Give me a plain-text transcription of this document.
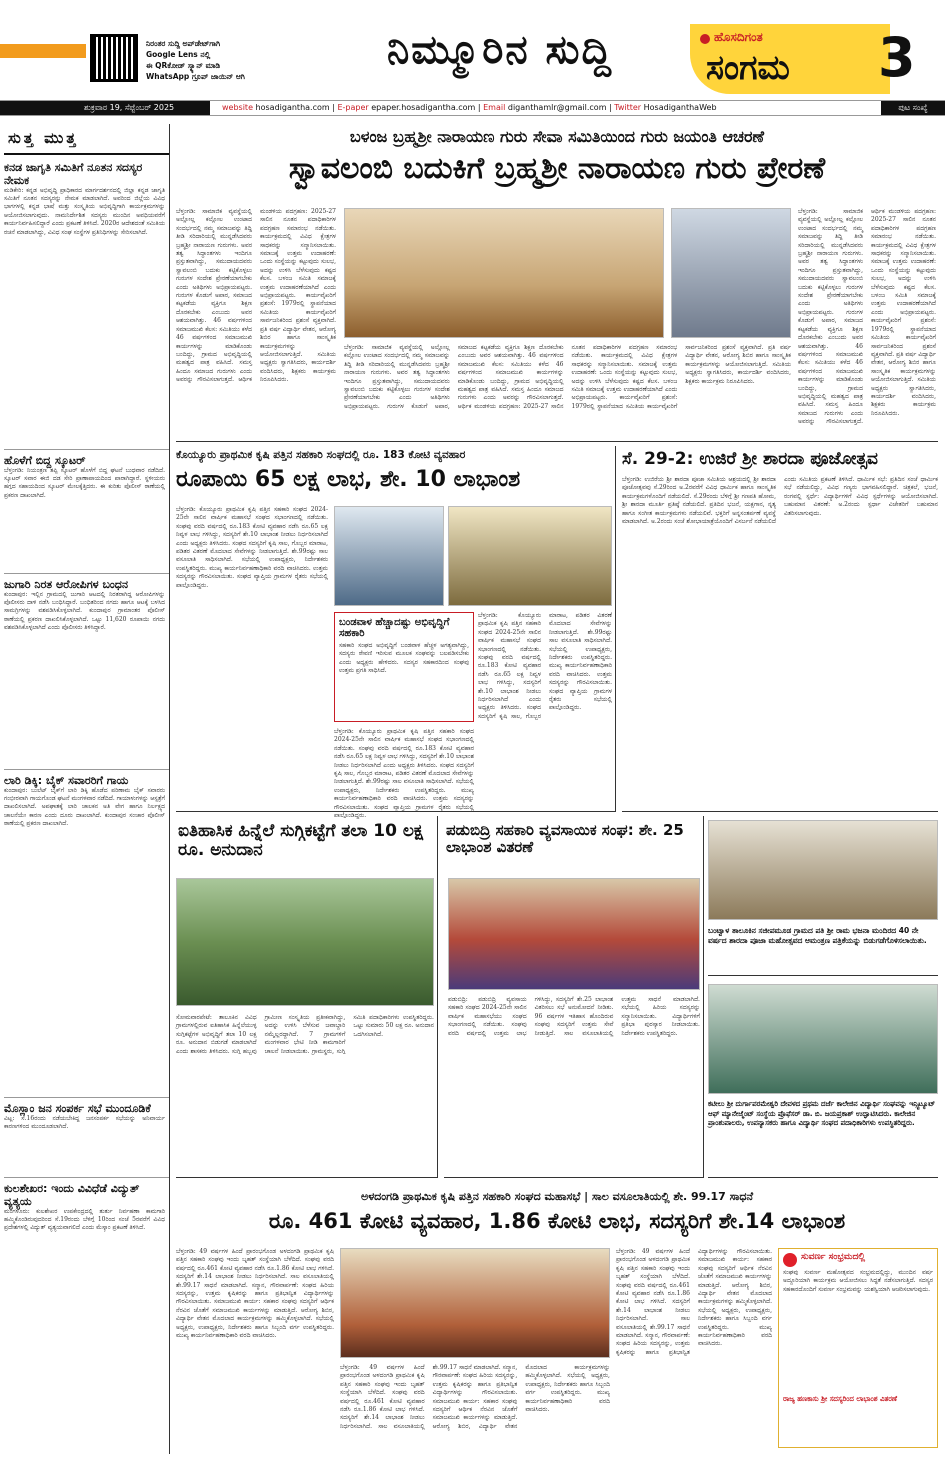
ನಿರಂತರ ಸುದ್ದಿ ಅಪ್‌ಡೇಟ್‌ಗಾಗಿ
Google Lens ನಲ್ಲಿ
ಈ QRಕೋಡ್ ಸ್ಕ್ಯಾನ್ ಮಾಡಿ
WhatsApp ಗ್ರೂಪ್ ಜಾಯಿನ್ ಆಗಿ
ನಿಮ್ಮೂರಿನ ಸುದ್ದಿ	ಹೊಸದಿಗಂತ
ಸಂಗಮ 3
ಶುಕ್ರವಾರ 19, ಸೆಪ್ಟೆಂಬರ್ 2025	website hosadigantha.com | E-paper epaper.hosadigantha.com | Email diganthamlr@gmail.com | Twitter HosadiganthaWeb	ಪುಟ ಸಂಖ್ಯೆ
ಸುತ್ತ ಮುತ್ತ
ಕನಡ ಜಾಗೃತಿ ಸಮಿತಿಗೆ ನೂತನ ಸದಸ್ಯರ ನೇಮಕ
ಮಡಿಕೇರಿ: ಕನ್ನಡ ಅಭಿವೃದ್ಧಿ ಪ್ರಾಧಿಕಾರದ ಮಾರ್ಗದರ್ಶನದಲ್ಲಿ ಜಿಲ್ಲಾ ಕನ್ನಡ ಜಾಗೃತಿ ಸಮಿತಿಗೆ ನೂತನ ಸದಸ್ಯರನ್ನು ನೇಮಕ ಮಾಡಲಾಗಿದೆ. ಅವರಿಂದ ಜಿಲ್ಲೆಯ ವಿವಿಧ ಭಾಗಗಳಲ್ಲಿ ಕನ್ನಡ ಭಾಷೆ ಮತ್ತು ಸಂಸ್ಕೃತಿಯ ಅಭಿವೃದ್ಧಿಗಾಗಿ ಕಾರ್ಯಕ್ರಮಗಳನ್ನು ಆಯೋಜಿಸಲಾಗುವುದು. ನಾಮನಿರ್ದೇಶಿತ ಸದಸ್ಯರು ಮುಂದಿನ ಅವಧಿಯವರೆಗೆ ಕಾರ್ಯನಿರ್ವಹಿಸಲಿದ್ದಾರೆ ಎಂದು ಪ್ರಕಟಣೆ ತಿಳಿಸಿದೆ. 2020ರ ಆದೇಶದಂತೆ ಸಮಿತಿಯ ರಚನೆ ಮಾಡಲಾಗಿದ್ದು, ವಿವಿಧ ಸಂಘ ಸಂಸ್ಥೆಗಳ ಪ್ರತಿನಿಧಿಗಳನ್ನು ಸೇರಿಸಲಾಗಿದೆ.
ಹೊಳೆಗೆ ಬಿದ್ದ ಸ್ಕೂಟರ್
ಬೆಳ್ತಂಗಡಿ: ನಿಯಂತ್ರಣ ತಪ್ಪಿ ಸ್ಕೂಟರ್ ಹೊಳೆಗೆ ಬಿದ್ದ ಘಟನೆ ಬುಧವಾರ ನಡೆದಿದೆ. ಸ್ಕೂಟರ್ ಸವಾರ ಈಜಿ ದಡ ಸೇರಿ ಪ್ರಾಣಾಪಾಯದಿಂದ ಪಾರಾಗಿದ್ದಾರೆ. ಸ್ಥಳೀಯರು ಹಗ್ಗದ ಸಹಾಯದಿಂದ ಸ್ಕೂಟರ್ ಮೇಲಕ್ಕೆತ್ತಿದರು. ಈ ಕುರಿತು ಪೊಲೀಸ್ ಠಾಣೆಯಲ್ಲಿ ಪ್ರಕರಣ ದಾಖಲಾಗಿದೆ.
ಜುಗಾರಿ ನಿರತ ಆರೋಪಿಗಳ ಬಂಧನ
ಕುಂದಾಪುರ: ಇಲ್ಲಿನ ಗ್ರಾಮದಲ್ಲಿ ಜುಗಾರಿ ಆಟದಲ್ಲಿ ನಿರತರಾಗಿದ್ದ ಆರೋಪಿಗಳನ್ನು ಪೊಲೀಸರು ದಾಳಿ ನಡೆಸಿ ಬಂಧಿಸಿದ್ದಾರೆ. ಬಂಧಿತರಿಂದ ನಗದು ಹಾಗೂ ಆಟಕ್ಕೆ ಬಳಸಿದ ಸಾಮಗ್ರಿಗಳನ್ನು ವಶಪಡಿಸಿಕೊಳ್ಳಲಾಗಿದೆ. ಕುಂದಾಪುರ ಗ್ರಾಮಾಂತರ ಪೊಲೀಸ್ ಠಾಣೆಯಲ್ಲಿ ಪ್ರಕರಣ ದಾಖಲಿಸಿಕೊಳ್ಳಲಾಗಿದೆ. ಒಟ್ಟು 11,620 ರೂಪಾಯಿ ನಗದು ವಶಪಡಿಸಿಕೊಳ್ಳಲಾಗಿದೆ ಎಂದು ಪೊಲೀಸರು ತಿಳಿಸಿದ್ದಾರೆ.
ಲಾರಿ ಡಿಕ್ಕಿ: ಬೈಕ್ ಸವಾರರಿಗೆ ಗಾಯ
ಕುಂದಾಪುರ: ಬುಲೆಟ್ ಬೈಕ್‌ಗೆ ಲಾರಿ ಡಿಕ್ಕಿ ಹೊಡೆದ ಪರಿಣಾಮ ಬೈಕ್ ಸವಾರರು ಗಂಭೀರವಾಗಿ ಗಾಯಗೊಂಡ ಘಟನೆ ಮಂಗಳವಾರ ನಡೆದಿದೆ. ಗಾಯಾಳುಗಳನ್ನು ಆಸ್ಪತ್ರೆಗೆ ದಾಖಲಿಸಲಾಗಿದೆ. ಅಪಘಾತಕ್ಕೆ ಲಾರಿ ಚಾಲಕನ ಅತಿ ವೇಗ ಹಾಗೂ ನಿರ್ಲಕ್ಷ್ಯದ ಚಾಲನೆಯೇ ಕಾರಣ ಎಂದು ದೂರು ದಾಖಲಾಗಿದೆ. ಕುಂದಾಪುರ ಸಂಚಾರ ಪೊಲೀಸ್ ಠಾಣೆಯಲ್ಲಿ ಪ್ರಕರಣ ದಾಖಲಾಗಿದೆ.
ಮೊಸ್ಲಾಂ ಜನ ಸಂಪರ್ಕ ಸಭೆ ಮುಂದೂಡಿಕೆ
ವಿಟ್ಲ: ಸೆ.16ರಂದು ನಡೆಯಬೇಕಿದ್ದ ಜನಸಂಪರ್ಕ ಸಭೆಯನ್ನು ಅನಿವಾರ್ಯ ಕಾರಣಗಳಿಂದ ಮುಂದೂಡಲಾಗಿದೆ.
ಕುಲಶೇಖರ: ಇಂದು ವಿವಿಧೆಡೆ ವಿದ್ಯುತ್ ವ್ಯತ್ಯಯ
ಮಂಗಳೂರು: ಕುಲಶೇಖರ ಉಪಕೇಂದ್ರದಲ್ಲಿ ತುರ್ತು ನಿರ್ವಹಣಾ ಕಾಮಗಾರಿ ಹಮ್ಮಿಕೊಂಡಿರುವುದರಿಂದ ಸೆ.19ರಂದು ಬೆಳಿಗ್ಗೆ 10ರಿಂದ ಸಂಜೆ 5ರವರೆಗೆ ವಿವಿಧ ಪ್ರದೇಶಗಳಲ್ಲಿ ವಿದ್ಯುತ್ ವ್ಯತ್ಯಯವಾಗಲಿದೆ ಎಂದು ಮೆಸ್ಕಾಂ ಪ್ರಕಟಣೆ ತಿಳಿಸಿದೆ.
ಬಳಂಜ ಬ್ರಹ್ಮಶ್ರೀ ನಾರಾಯಣ ಗುರು ಸೇವಾ ಸಮಿತಿಯಿಂದ ಗುರು ಜಯಂತಿ ಆಚರಣೆ
ಸ್ವಾವಲಂಬಿ ಬದುಕಿಗೆ ಬ್ರಹ್ಮಶ್ರೀ ನಾರಾಯಣ ಗುರು ಪ್ರೇರಣೆ
ಬೆಳ್ತಂಗಡಿ: ಸಾಮಾಜಿಕ ವ್ಯವಸ್ಥೆಯಲ್ಲಿ ಅಲ್ಲೋಲ್ಲ ಕಲ್ಲೋಲ ಉಂಟಾದ ಸಂದರ್ಭದಲ್ಲಿ ನಮ್ಮ ಸಮಾಜವನ್ನು ತಿದ್ದಿ ತೀಡಿ ಸರಿದಾರಿಯಲ್ಲಿ ಮುನ್ನಡೆಸಿದವರು ಬ್ರಹ್ಮಶ್ರೀ ನಾರಾಯಣ ಗುರುಗಳು. ಅವರ ತತ್ವ ಸಿದ್ಧಾಂತಗಳು ಇಂದಿಗೂ ಪ್ರಸ್ತುತವಾಗಿದ್ದು, ಸಮುದಾಯದವರು ಸ್ವಾವಲಂಬಿ ಬದುಕು ಕಟ್ಟಿಕೊಳ್ಳಲು ಗುರುಗಳ ಸಂದೇಶ ಪ್ರೇರಣೆಯಾಗಬೇಕು ಎಂದು ಅತಿಥಿಗಳು ಅಭಿಪ್ರಾಯಪಟ್ಟರು. ಗುರುಗಳ ಕೊಡುಗೆ ಅಪಾರ, ಸಮಾಜದ ಕಟ್ಟಕಡೆಯ ವ್ಯಕ್ತಿಗೂ ಶಿಕ್ಷಣ ದೊರಕಬೇಕು ಎಂಬುದು ಅವರ ಆಶಯವಾಗಿತ್ತು. 46 ವರ್ಷಗಳಿಂದ ಸಮಾಜಮುಖಿ ಕೆಲಸ: ಸಮಿತಿಯು ಕಳೆದ 46 ವರ್ಷಗಳಿಂದ ಸಮಾಜಮುಖಿ ಕಾರ್ಯಗಳನ್ನು ಮಾಡಿಕೊಂಡು ಬಂದಿದ್ದು, ಗ್ರಾಮದ ಅಭಿವೃದ್ಧಿಯಲ್ಲಿ ಮಹತ್ವದ ಪಾತ್ರ ವಹಿಸಿದೆ. ಸಮಸ್ತ ಹಿಂದೂ ಸಮಾಜದ ಗುರುಗಳು ಎಂದು ಅವರನ್ನು ಗೌರವಿಸಲಾಗುತ್ತದೆ. ಆರ್ಥಿಕ ಮಂಡಳಿಯ ಪದಗ್ರಹಣ: 2025-27 ಸಾಲಿನ ನೂತನ ಪದಾಧಿಕಾರಿಗಳ ಪದಗ್ರಹಣ ಸಮಾರಂಭ ನಡೆಯಿತು. ಕಾರ್ಯಕ್ರಮದಲ್ಲಿ ವಿವಿಧ ಕ್ಷೇತ್ರಗಳ ಸಾಧಕರನ್ನು ಸನ್ಮಾನಿಸಲಾಯಿತು. ಸಮಾಜಕ್ಕೆ ಉತ್ತಮ ಉದಾಹರಣೆ: ಒಂದು ಸಂಸ್ಥೆಯನ್ನು ಕಟ್ಟುವುದು ಸುಲಭ, ಅದನ್ನು ಉಳಿಸಿ ಬೆಳೆಸುವುದು ಕಷ್ಟದ ಕೆಲಸ. ಬಳಂಜ ಸಮಿತಿ ಸಮಾಜಕ್ಕೆ ಉತ್ತಮ ಉದಾಹರಣೆಯಾಗಿದೆ ಎಂದು ಅಭಿಪ್ರಾಯಪಟ್ಟರು. ಕಾರ್ಯವೈಖರಿಗೆ ಪ್ರಶಂಸೆ: 1979ರಲ್ಲಿ ಸ್ಥಾಪನೆಯಾದ ಸಮಿತಿಯ ಕಾರ್ಯವೈಖರಿಗೆ ಸಾರ್ವಜನಿಕರಿಂದ ಪ್ರಶಂಸೆ ವ್ಯಕ್ತವಾಗಿದೆ. ಪ್ರತಿ ವರ್ಷ ವಿದ್ಯಾರ್ಥಿ ವೇತನ, ಆರೋಗ್ಯ ಶಿಬಿರ ಹಾಗೂ ಸಾಂಸ್ಕೃತಿಕ ಕಾರ್ಯಕ್ರಮಗಳನ್ನು ಆಯೋಜಿಸಲಾಗುತ್ತಿದೆ. ಸಮಿತಿಯ ಅಧ್ಯಕ್ಷರು ಸ್ವಾಗತಿಸಿದರು, ಕಾರ್ಯದರ್ಶಿ ವಂದಿಸಿದರು, ಶಿಕ್ಷಕರು ಕಾರ್ಯಕ್ರಮ ನಿರೂಪಿಸಿದರು.
ಬೆಳ್ತಂಗಡಿ: ಸಾಮಾಜಿಕ ವ್ಯವಸ್ಥೆಯಲ್ಲಿ ಅಲ್ಲೋಲ್ಲ ಕಲ್ಲೋಲ ಉಂಟಾದ ಸಂದರ್ಭದಲ್ಲಿ ನಮ್ಮ ಸಮಾಜವನ್ನು ತಿದ್ದಿ ತೀಡಿ ಸರಿದಾರಿಯಲ್ಲಿ ಮುನ್ನಡೆಸಿದವರು ಬ್ರಹ್ಮಶ್ರೀ ನಾರಾಯಣ ಗುರುಗಳು. ಅವರ ತತ್ವ ಸಿದ್ಧಾಂತಗಳು ಇಂದಿಗೂ ಪ್ರಸ್ತುತವಾಗಿದ್ದು, ಸಮುದಾಯದವರು ಸ್ವಾವಲಂಬಿ ಬದುಕು ಕಟ್ಟಿಕೊಳ್ಳಲು ಗುರುಗಳ ಸಂದೇಶ ಪ್ರೇರಣೆಯಾಗಬೇಕು ಎಂದು ಅತಿಥಿಗಳು ಅಭಿಪ್ರಾಯಪಟ್ಟರು. ಗುರುಗಳ ಕೊಡುಗೆ ಅಪಾರ, ಸಮಾಜದ ಕಟ್ಟಕಡೆಯ ವ್ಯಕ್ತಿಗೂ ಶಿಕ್ಷಣ ದೊರಕಬೇಕು ಎಂಬುದು ಅವರ ಆಶಯವಾಗಿತ್ತು. 46 ವರ್ಷಗಳಿಂದ ಸಮಾಜಮುಖಿ ಕೆಲಸ: ಸಮಿತಿಯು ಕಳೆದ 46 ವರ್ಷಗಳಿಂದ ಸಮಾಜಮುಖಿ ಕಾರ್ಯಗಳನ್ನು ಮಾಡಿಕೊಂಡು ಬಂದಿದ್ದು, ಗ್ರಾಮದ ಅಭಿವೃದ್ಧಿಯಲ್ಲಿ ಮಹತ್ವದ ಪಾತ್ರ ವಹಿಸಿದೆ. ಸಮಸ್ತ ಹಿಂದೂ ಸಮಾಜದ ಗುರುಗಳು ಎಂದು ಅವರನ್ನು ಗೌರವಿಸಲಾಗುತ್ತದೆ. ಆರ್ಥಿಕ ಮಂಡಳಿಯ ಪದಗ್ರಹಣ: 2025-27 ಸಾಲಿನ ನೂತನ ಪದಾಧಿಕಾರಿಗಳ ಪದಗ್ರಹಣ ಸಮಾರಂಭ ನಡೆಯಿತು. ಕಾರ್ಯಕ್ರಮದಲ್ಲಿ ವಿವಿಧ ಕ್ಷೇತ್ರಗಳ ಸಾಧಕರನ್ನು ಸನ್ಮಾನಿಸಲಾಯಿತು. ಸಮಾಜಕ್ಕೆ ಉತ್ತಮ ಉದಾಹರಣೆ: ಒಂದು ಸಂಸ್ಥೆಯನ್ನು ಕಟ್ಟುವುದು ಸುಲಭ, ಅದನ್ನು ಉಳಿಸಿ ಬೆಳೆಸುವುದು ಕಷ್ಟದ ಕೆಲಸ. ಬಳಂಜ ಸಮಿತಿ ಸಮಾಜಕ್ಕೆ ಉತ್ತಮ ಉದಾಹರಣೆಯಾಗಿದೆ ಎಂದು ಅಭಿಪ್ರಾಯಪಟ್ಟರು. ಕಾರ್ಯವೈಖರಿಗೆ ಪ್ರಶಂಸೆ: 1979ರಲ್ಲಿ ಸ್ಥಾಪನೆಯಾದ ಸಮಿತಿಯ ಕಾರ್ಯವೈಖರಿಗೆ ಸಾರ್ವಜನಿಕರಿಂದ ಪ್ರಶಂಸೆ ವ್ಯಕ್ತವಾಗಿದೆ. ಪ್ರತಿ ವರ್ಷ ವಿದ್ಯಾರ್ಥಿ ವೇತನ, ಆರೋಗ್ಯ ಶಿಬಿರ ಹಾಗೂ ಸಾಂಸ್ಕೃತಿಕ ಕಾರ್ಯಕ್ರಮಗಳನ್ನು ಆಯೋಜಿಸಲಾಗುತ್ತಿದೆ. ಸಮಿತಿಯ ಅಧ್ಯಕ್ಷರು ಸ್ವಾಗತಿಸಿದರು, ಕಾರ್ಯದರ್ಶಿ ವಂದಿಸಿದರು, ಶಿಕ್ಷಕರು ಕಾರ್ಯಕ್ರಮ ನಿರೂಪಿಸಿದರು.
ಬೆಳ್ತಂಗಡಿ: ಸಾಮಾಜಿಕ ವ್ಯವಸ್ಥೆಯಲ್ಲಿ ಅಲ್ಲೋಲ್ಲ ಕಲ್ಲೋಲ ಉಂಟಾದ ಸಂದರ್ಭದಲ್ಲಿ ನಮ್ಮ ಸಮಾಜವನ್ನು ತಿದ್ದಿ ತೀಡಿ ಸರಿದಾರಿಯಲ್ಲಿ ಮುನ್ನಡೆಸಿದವರು ಬ್ರಹ್ಮಶ್ರೀ ನಾರಾಯಣ ಗುರುಗಳು. ಅವರ ತತ್ವ ಸಿದ್ಧಾಂತಗಳು ಇಂದಿಗೂ ಪ್ರಸ್ತುತವಾಗಿದ್ದು, ಸಮುದಾಯದವರು ಸ್ವಾವಲಂಬಿ ಬದುಕು ಕಟ್ಟಿಕೊಳ್ಳಲು ಗುರುಗಳ ಸಂದೇಶ ಪ್ರೇರಣೆಯಾಗಬೇಕು ಎಂದು ಅತಿಥಿಗಳು ಅಭಿಪ್ರಾಯಪಟ್ಟರು. ಗುರುಗಳ ಕೊಡುಗೆ ಅಪಾರ, ಸಮಾಜದ ಕಟ್ಟಕಡೆಯ ವ್ಯಕ್ತಿಗೂ ಶಿಕ್ಷಣ ದೊರಕಬೇಕು ಎಂಬುದು ಅವರ ಆಶಯವಾಗಿತ್ತು. 46 ವರ್ಷಗಳಿಂದ ಸಮಾಜಮುಖಿ ಕೆಲಸ: ಸಮಿತಿಯು ಕಳೆದ 46 ವರ್ಷಗಳಿಂದ ಸಮಾಜಮುಖಿ ಕಾರ್ಯಗಳನ್ನು ಮಾಡಿಕೊಂಡು ಬಂದಿದ್ದು, ಗ್ರಾಮದ ಅಭಿವೃದ್ಧಿಯಲ್ಲಿ ಮಹತ್ವದ ಪಾತ್ರ ವಹಿಸಿದೆ. ಸಮಸ್ತ ಹಿಂದೂ ಸಮಾಜದ ಗುರುಗಳು ಎಂದು ಅವರನ್ನು ಗೌರವಿಸಲಾಗುತ್ತದೆ. ಆರ್ಥಿಕ ಮಂಡಳಿಯ ಪದಗ್ರಹಣ: 2025-27 ಸಾಲಿನ ನೂತನ ಪದಾಧಿಕಾರಿಗಳ ಪದಗ್ರಹಣ ಸಮಾರಂಭ ನಡೆಯಿತು. ಕಾರ್ಯಕ್ರಮದಲ್ಲಿ ವಿವಿಧ ಕ್ಷೇತ್ರಗಳ ಸಾಧಕರನ್ನು ಸನ್ಮಾನಿಸಲಾಯಿತು. ಸಮಾಜಕ್ಕೆ ಉತ್ತಮ ಉದಾಹರಣೆ: ಒಂದು ಸಂಸ್ಥೆಯನ್ನು ಕಟ್ಟುವುದು ಸುಲಭ, ಅದನ್ನು ಉಳಿಸಿ ಬೆಳೆಸುವುದು ಕಷ್ಟದ ಕೆಲಸ. ಬಳಂಜ ಸಮಿತಿ ಸಮಾಜಕ್ಕೆ ಉತ್ತಮ ಉದಾಹರಣೆಯಾಗಿದೆ ಎಂದು ಅಭಿಪ್ರಾಯಪಟ್ಟರು. ಕಾರ್ಯವೈಖರಿಗೆ ಪ್ರಶಂಸೆ: 1979ರಲ್ಲಿ ಸ್ಥಾಪನೆಯಾದ ಸಮಿತಿಯ ಕಾರ್ಯವೈಖರಿಗೆ ಸಾರ್ವಜನಿಕರಿಂದ ಪ್ರಶಂಸೆ ವ್ಯಕ್ತವಾಗಿದೆ. ಪ್ರತಿ ವರ್ಷ ವಿದ್ಯಾರ್ಥಿ ವೇತನ, ಆರೋಗ್ಯ ಶಿಬಿರ ಹಾಗೂ ಸಾಂಸ್ಕೃತಿಕ ಕಾರ್ಯಕ್ರಮಗಳನ್ನು ಆಯೋಜಿಸಲಾಗುತ್ತಿದೆ. ಸಮಿತಿಯ ಅಧ್ಯಕ್ಷರು ಸ್ವಾಗತಿಸಿದರು, ಕಾರ್ಯದರ್ಶಿ ವಂದಿಸಿದರು, ಶಿಕ್ಷಕರು ಕಾರ್ಯಕ್ರಮ ನಿರೂಪಿಸಿದರು.
ಕೊಯ್ಯೂರು ಪ್ರಾಥಮಿಕ ಕೃಷಿ ಪತ್ತಿನ ಸಹಕಾರಿ ಸಂಘದಲ್ಲಿ ರೂ. 183 ಕೋಟಿ ವ್ಯವಹಾರ
ರೂಪಾಯಿ 65 ಲಕ್ಷ ಲಾಭ, ಶೇ. 10 ಲಾಭಾಂಶ
ಬೆಳ್ತಂಗಡಿ: ಕೊಯ್ಯೂರು ಪ್ರಾಥಮಿಕ ಕೃಷಿ ಪತ್ತಿನ ಸಹಕಾರಿ ಸಂಘದ 2024-25ನೇ ಸಾಲಿನ ವಾರ್ಷಿಕ ಮಹಾಸಭೆ ಸಂಘದ ಸಭಾಂಗಣದಲ್ಲಿ ನಡೆಯಿತು. ಸಂಘವು ವರದಿ ವರ್ಷದಲ್ಲಿ ರೂ.183 ಕೋಟಿ ವ್ಯವಹಾರ ನಡೆಸಿ ರೂ.65 ಲಕ್ಷ ನಿವ್ವಳ ಲಾಭ ಗಳಿಸಿದ್ದು, ಸದಸ್ಯರಿಗೆ ಶೇ.10 ಲಾಭಾಂಶ ನೀಡಲು ನಿರ್ಧರಿಸಲಾಗಿದೆ ಎಂದು ಅಧ್ಯಕ್ಷರು ತಿಳಿಸಿದರು. ಸಂಘದ ಸದಸ್ಯರಿಗೆ ಕೃಷಿ ಸಾಲ, ಗೊಬ್ಬರ ಮಾರಾಟ, ಪಡಿತರ ವಿತರಣೆ ಮೊದಲಾದ ಸೇವೆಗಳನ್ನು ನೀಡಲಾಗುತ್ತಿದೆ. ಶೇ.99ರಷ್ಟು ಸಾಲ ವಸೂಲಾತಿ ಸಾಧಿಸಲಾಗಿದೆ. ಸಭೆಯಲ್ಲಿ ಉಪಾಧ್ಯಕ್ಷರು, ನಿರ್ದೇಶಕರು ಉಪಸ್ಥಿತರಿದ್ದರು. ಮುಖ್ಯ ಕಾರ್ಯನಿರ್ವಹಣಾಧಿಕಾರಿ ವರದಿ ವಾಚಿಸಿದರು. ಉತ್ತಮ ಸದಸ್ಯರನ್ನು ಗೌರವಿಸಲಾಯಿತು. ಸಂಘದ ವ್ಯಾಪ್ತಿಯ ಗ್ರಾಮಗಳ ರೈತರು ಸಭೆಯಲ್ಲಿ ಪಾಲ್ಗೊಂಡಿದ್ದರು.
ಬಂಡವಾಳ ಹೆಚ್ಚಾದಷ್ಟು ಅಭಿವೃದ್ಧಿಗೆ ಸಹಕಾರಿ
ಸಹಕಾರಿ ಸಂಘದ ಅಭಿವೃದ್ಧಿಗೆ ಬಂಡವಾಳ ಹೆಚ್ಚಳ ಅಗತ್ಯವಾಗಿದ್ದು, ಸದಸ್ಯರು ಠೇವಣಿ ಇರಿಸುವ ಮೂಲಕ ಸಂಘವನ್ನು ಬಲಪಡಿಸಬೇಕು ಎಂದು ಅಧ್ಯಕ್ಷರು ಹೇಳಿದರು. ಸದಸ್ಯರ ಸಹಕಾರದಿಂದ ಸಂಘವು ಉತ್ತಮ ಪ್ರಗತಿ ಸಾಧಿಸಿದೆ.
ಬೆಳ್ತಂಗಡಿ: ಕೊಯ್ಯೂರು ಪ್ರಾಥಮಿಕ ಕೃಷಿ ಪತ್ತಿನ ಸಹಕಾರಿ ಸಂಘದ 2024-25ನೇ ಸಾಲಿನ ವಾರ್ಷಿಕ ಮಹಾಸಭೆ ಸಂಘದ ಸಭಾಂಗಣದಲ್ಲಿ ನಡೆಯಿತು. ಸಂಘವು ವರದಿ ವರ್ಷದಲ್ಲಿ ರೂ.183 ಕೋಟಿ ವ್ಯವಹಾರ ನಡೆಸಿ ರೂ.65 ಲಕ್ಷ ನಿವ್ವಳ ಲಾಭ ಗಳಿಸಿದ್ದು, ಸದಸ್ಯರಿಗೆ ಶೇ.10 ಲಾಭಾಂಶ ನೀಡಲು ನಿರ್ಧರಿಸಲಾಗಿದೆ ಎಂದು ಅಧ್ಯಕ್ಷರು ತಿಳಿಸಿದರು. ಸಂಘದ ಸದಸ್ಯರಿಗೆ ಕೃಷಿ ಸಾಲ, ಗೊಬ್ಬರ ಮಾರಾಟ, ಪಡಿತರ ವಿತರಣೆ ಮೊದಲಾದ ಸೇವೆಗಳನ್ನು ನೀಡಲಾಗುತ್ತಿದೆ. ಶೇ.99ರಷ್ಟು ಸಾಲ ವಸೂಲಾತಿ ಸಾಧಿಸಲಾಗಿದೆ. ಸಭೆಯಲ್ಲಿ ಉಪಾಧ್ಯಕ್ಷರು, ನಿರ್ದೇಶಕರು ಉಪಸ್ಥಿತರಿದ್ದರು. ಮುಖ್ಯ ಕಾರ್ಯನಿರ್ವಹಣಾಧಿಕಾರಿ ವರದಿ ವಾಚಿಸಿದರು. ಉತ್ತಮ ಸದಸ್ಯರನ್ನು ಗೌರವಿಸಲಾಯಿತು. ಸಂಘದ ವ್ಯಾಪ್ತಿಯ ಗ್ರಾಮಗಳ ರೈತರು ಸಭೆಯಲ್ಲಿ ಪಾಲ್ಗೊಂಡಿದ್ದರು.
ಬೆಳ್ತಂಗಡಿ: ಕೊಯ್ಯೂರು ಪ್ರಾಥಮಿಕ ಕೃಷಿ ಪತ್ತಿನ ಸಹಕಾರಿ ಸಂಘದ 2024-25ನೇ ಸಾಲಿನ ವಾರ್ಷಿಕ ಮಹಾಸಭೆ ಸಂಘದ ಸಭಾಂಗಣದಲ್ಲಿ ನಡೆಯಿತು. ಸಂಘವು ವರದಿ ವರ್ಷದಲ್ಲಿ ರೂ.183 ಕೋಟಿ ವ್ಯವಹಾರ ನಡೆಸಿ ರೂ.65 ಲಕ್ಷ ನಿವ್ವಳ ಲಾಭ ಗಳಿಸಿದ್ದು, ಸದಸ್ಯರಿಗೆ ಶೇ.10 ಲಾಭಾಂಶ ನೀಡಲು ನಿರ್ಧರಿಸಲಾಗಿದೆ ಎಂದು ಅಧ್ಯಕ್ಷರು ತಿಳಿಸಿದರು. ಸಂಘದ ಸದಸ್ಯರಿಗೆ ಕೃಷಿ ಸಾಲ, ಗೊಬ್ಬರ ಮಾರಾಟ, ಪಡಿತರ ವಿತರಣೆ ಮೊದಲಾದ ಸೇವೆಗಳನ್ನು ನೀಡಲಾಗುತ್ತಿದೆ. ಶೇ.99ರಷ್ಟು ಸಾಲ ವಸೂಲಾತಿ ಸಾಧಿಸಲಾಗಿದೆ. ಸಭೆಯಲ್ಲಿ ಉಪಾಧ್ಯಕ್ಷರು, ನಿರ್ದೇಶಕರು ಉಪಸ್ಥಿತರಿದ್ದರು. ಮುಖ್ಯ ಕಾರ್ಯನಿರ್ವಹಣಾಧಿಕಾರಿ ವರದಿ ವಾಚಿಸಿದರು. ಉತ್ತಮ ಸದಸ್ಯರನ್ನು ಗೌರವಿಸಲಾಯಿತು. ಸಂಘದ ವ್ಯಾಪ್ತಿಯ ಗ್ರಾಮಗಳ ರೈತರು ಸಭೆಯಲ್ಲಿ ಪಾಲ್ಗೊಂಡಿದ್ದರು.
ಸೆ. 29-2: ಉಜಿರೆ ಶ್ರೀ ಶಾರದಾ ಪೂಜೋತ್ಸವ
ಬೆಳ್ತಂಗಡಿ: ಉಜಿರೆಯ ಶ್ರೀ ಶಾರದಾ ಪೂಜಾ ಸಮಿತಿಯ ಆಶ್ರಯದಲ್ಲಿ ಶ್ರೀ ಶಾರದಾ ಪೂಜೋತ್ಸವವು ಸೆ.29ರಿಂದ ಅ.2ರವರೆಗೆ ವಿವಿಧ ಧಾರ್ಮಿಕ ಹಾಗೂ ಸಾಂಸ್ಕೃತಿಕ ಕಾರ್ಯಕ್ರಮಗಳೊಂದಿಗೆ ನಡೆಯಲಿದೆ. ಸೆ.29ರಂದು ಬೆಳಿಗ್ಗೆ ಶ್ರೀ ಗಣಪತಿ ಹೋಮ, ಶ್ರೀ ಶಾರದಾ ಮೂರ್ತಿ ಪ್ರತಿಷ್ಠೆ ನಡೆಯಲಿದೆ. ಪ್ರತಿದಿನ ಭಜನೆ, ಯಕ್ಷಗಾನ, ನೃತ್ಯ ಹಾಗೂ ಸಂಗೀತ ಕಾರ್ಯಕ್ರಮಗಳು ನಡೆಯಲಿವೆ. ಭಕ್ತರಿಗೆ ಅನ್ನಸಂತರ್ಪಣೆ ವ್ಯವಸ್ಥೆ ಮಾಡಲಾಗಿದೆ. ಅ.2ರಂದು ಸಂಜೆ ಶೋಭಾಯಾತ್ರೆಯೊಂದಿಗೆ ವಿಸರ್ಜನೆ ನಡೆಯಲಿದೆ ಎಂದು ಸಮಿತಿಯ ಪ್ರಕಟಣೆ ತಿಳಿಸಿದೆ. ಧಾರ್ಮಿಕ ಸಭೆ: ಪ್ರತಿದಿನ ಸಂಜೆ ಧಾರ್ಮಿಕ ಸಭೆ ನಡೆಯಲಿದ್ದು, ವಿವಿಧ ಗಣ್ಯರು ಭಾಗವಹಿಸಲಿದ್ದಾರೆ. ಚಿತ್ರಕಲೆ, ಭಜನೆ, ರಂಗವಲ್ಲಿ ಸ್ಪರ್ಧೆ: ವಿದ್ಯಾರ್ಥಿಗಳಿಗೆ ವಿವಿಧ ಸ್ಪರ್ಧೆಗಳನ್ನು ಆಯೋಜಿಸಲಾಗಿದೆ. ಬಹುಮಾನ ವಿತರಣೆ: ಅ.2ರಂದು ಸ್ಪರ್ಧಾ ವಿಜೇತರಿಗೆ ಬಹುಮಾನ ವಿತರಿಸಲಾಗುವುದು.
ಐತಿಹಾಸಿಕ ಹಿನ್ನೆಲೆ ಸುಗ್ಗಿಕಟ್ಟೆಗೆ ತಲಾ 10 ಲಕ್ಷ ರೂ. ಅನುದಾನ
ಸೋಮವಾರಪೇಟೆ: ತಾಲೂಕಿನ ವಿವಿಧ ಗ್ರಾಮಗಳಲ್ಲಿರುವ ಐತಿಹಾಸಿಕ ಹಿನ್ನೆಲೆಯುಳ್ಳ ಸುಗ್ಗಿಕಟ್ಟೆಗಳ ಅಭಿವೃದ್ಧಿಗೆ ತಲಾ 10 ಲಕ್ಷ ರೂ. ಅನುದಾನ ಬಿಡುಗಡೆ ಮಾಡಲಾಗಿದೆ ಎಂದು ಶಾಸಕರು ತಿಳಿಸಿದರು. ಸುಗ್ಗಿ ಹಬ್ಬವು ಗ್ರಾಮೀಣ ಸಂಸ್ಕೃತಿಯ ಪ್ರತೀಕವಾಗಿದ್ದು, ಅದನ್ನು ಉಳಿಸಿ ಬೆಳೆಸುವ ಜವಾಬ್ದಾರಿ ನಮ್ಮೆಲ್ಲರದ್ದಾಗಿದೆ. 7 ಗ್ರಾಮಗಳಿಗೆ ಮಂಗಳವಾರ ಭೇಟಿ ನೀಡಿ ಕಾಮಗಾರಿಗೆ ಚಾಲನೆ ನೀಡಲಾಯಿತು. ಗ್ರಾಮಸ್ಥರು, ಸುಗ್ಗಿ ಸಮಿತಿ ಪದಾಧಿಕಾರಿಗಳು ಉಪಸ್ಥಿತರಿದ್ದರು. ಒಟ್ಟು ಸುಮಾರು 50 ಲಕ್ಷ ರೂ. ಅನುದಾನ ಒದಗಿಸಲಾಗಿದೆ.
ಪಡುಬಿದ್ರಿ ಸಹಕಾರಿ ವ್ಯವಸಾಯಿಕ ಸಂಘ: ಶೇ. 25 ಲಾಭಾಂಶ ವಿತರಣೆ
ಪಡುಬಿದ್ರಿ: ಪಡುಬಿದ್ರಿ ವ್ಯವಸಾಯ ಸಹಕಾರಿ ಸಂಘದ 2024-25ನೇ ಸಾಲಿನ ವಾರ್ಷಿಕ ಮಹಾಸಭೆಯು ಸಂಘದ ಸಭಾಂಗಣದಲ್ಲಿ ನಡೆಯಿತು. ಸಂಘವು ವರದಿ ವರ್ಷದಲ್ಲಿ ಉತ್ತಮ ಲಾಭ ಗಳಿಸಿದ್ದು, ಸದಸ್ಯರಿಗೆ ಶೇ.25 ಲಾಭಾಂಶ ವಿತರಿಸಲು ಸಭೆ ಅನುಮೋದನೆ ನೀಡಿತು. 96 ವರ್ಷಗಳ ಇತಿಹಾಸ ಹೊಂದಿರುವ ಸಂಘವು ಸದಸ್ಯರಿಗೆ ಉತ್ತಮ ಸೇವೆ ನೀಡುತ್ತಿದೆ. ಸಾಲ ವಸೂಲಾತಿಯಲ್ಲಿ ಉತ್ತಮ ಸಾಧನೆ ಮಾಡಲಾಗಿದೆ. ಸಭೆಯಲ್ಲಿ ಹಿರಿಯ ಸದಸ್ಯರನ್ನು ಸನ್ಮಾನಿಸಲಾಯಿತು. ವಿದ್ಯಾರ್ಥಿಗಳಿಗೆ ಪ್ರತಿಭಾ ಪುರಸ್ಕಾರ ನೀಡಲಾಯಿತು. ನಿರ್ದೇಶಕರು ಉಪಸ್ಥಿತರಿದ್ದರು.
ಬಂಟ್ವಾಳ ತಾಲೂಕಿನ ಸಜೀಪಮೂಡ ಗ್ರಾಮದ ಪತಿ ಶ್ರೀ ರಾಮ ಭಜನಾ ಮಂದಿರದ 40 ನೇ ವರ್ಷದ ಶಾರದಾ ಪೂಜಾ ಮಹೋತ್ಸವದ ಆಮಂತ್ರಣ ಪತ್ರಿಕೆಯನ್ನು ಬಿಡುಗಡೆಗೊಳಿಸಲಾಯಿತು.
ಕಟೀಲು ಶ್ರೀ ದುರ್ಗಾಪರಮೇಶ್ವರಿ ದೇವಳದ ಪ್ರಥಮ ದರ್ಜೆ ಕಾಲೇಜಿನ ವಿದ್ಯಾರ್ಥಿ ಸಂಘವನ್ನು ಇನ್ಸ್ಟಿಟ್ಯೂಟ್ ಆಫ್ ಮ್ಯಾನೇಜ್ಮೆಂಟ್ ಸಂಸ್ಥೆಯ ಪ್ರೊಫೆಸರ್ ಡಾ. ಬಿ. ಜಯಪ್ರಕಾಶ್ ಉದ್ಘಾಟಿಸಿದರು. ಕಾಲೇಜಿನ ಪ್ರಾಂಶುಪಾಲರು, ಉಪನ್ಯಾಸಕರು ಹಾಗೂ ವಿದ್ಯಾರ್ಥಿ ಸಂಘದ ಪದಾಧಿಕಾರಿಗಳು ಉಪಸ್ಥಿತರಿದ್ದರು.
ಅಳದಂಗಡಿ ಪ್ರಾಥಮಿಕ ಕೃಷಿ ಪತ್ತಿನ ಸಹಕಾರಿ ಸಂಘದ ಮಹಾಸಭೆ | ಸಾಲ ವಸೂಲಾತಿಯಲ್ಲಿ ಶೇ. 99.17 ಸಾಧನೆ
ರೂ. 461 ಕೋಟಿ ವ್ಯವಹಾರ, 1.86 ಕೋಟಿ ಲಾಭ, ಸದಸ್ಯರಿಗೆ ಶೇ.14 ಲಾಭಾಂಶ
ಬೆಳ್ತಂಗಡಿ: 49 ವರ್ಷಗಳ ಹಿಂದೆ ಪ್ರಾರಂಭಗೊಂಡ ಅಳದಂಗಡಿ ಪ್ರಾಥಮಿಕ ಕೃಷಿ ಪತ್ತಿನ ಸಹಕಾರಿ ಸಂಘವು ಇಂದು ಬೃಹತ್ ಸಂಸ್ಥೆಯಾಗಿ ಬೆಳೆದಿದೆ. ಸಂಘವು ವರದಿ ವರ್ಷದಲ್ಲಿ ರೂ.461 ಕೋಟಿ ವ್ಯವಹಾರ ನಡೆಸಿ ರೂ.1.86 ಕೋಟಿ ಲಾಭ ಗಳಿಸಿದೆ. ಸದಸ್ಯರಿಗೆ ಶೇ.14 ಲಾಭಾಂಶ ನೀಡಲು ನಿರ್ಧರಿಸಲಾಗಿದೆ. ಸಾಲ ವಸೂಲಾತಿಯಲ್ಲಿ ಶೇ.99.17 ಸಾಧನೆ ಮಾಡಲಾಗಿದೆ. ಸನ್ಮಾನ, ಗೌರವಾರ್ಪಣೆ: ಸಂಘದ ಹಿರಿಯ ಸದಸ್ಯರನ್ನು, ಉತ್ತಮ ಕೃಷಿಕರನ್ನು ಹಾಗೂ ಪ್ರತಿಭಾನ್ವಿತ ವಿದ್ಯಾರ್ಥಿಗಳನ್ನು ಗೌರವಿಸಲಾಯಿತು. ಸಮಾಜಮುಖಿ ಕಾರ್ಯ: ಸಹಕಾರ ಸಂಘವು ಸದಸ್ಯರಿಗೆ ಆರ್ಥಿಕ ನೆರವಿನ ಜೊತೆಗೆ ಸಮಾಜಮುಖಿ ಕಾರ್ಯಗಳನ್ನು ಮಾಡುತ್ತಿದೆ. ಆರೋಗ್ಯ ಶಿಬಿರ, ವಿದ್ಯಾರ್ಥಿ ವೇತನ ಮೊದಲಾದ ಕಾರ್ಯಕ್ರಮಗಳನ್ನು ಹಮ್ಮಿಕೊಳ್ಳಲಾಗಿದೆ. ಸಭೆಯಲ್ಲಿ ಅಧ್ಯಕ್ಷರು, ಉಪಾಧ್ಯಕ್ಷರು, ನಿರ್ದೇಶಕರು ಹಾಗೂ ಸಿಬ್ಬಂದಿ ವರ್ಗ ಉಪಸ್ಥಿತರಿದ್ದರು. ಮುಖ್ಯ ಕಾರ್ಯನಿರ್ವಹಣಾಧಿಕಾರಿ ವರದಿ ವಾಚಿಸಿದರು.
ಬೆಳ್ತಂಗಡಿ: 49 ವರ್ಷಗಳ ಹಿಂದೆ ಪ್ರಾರಂಭಗೊಂಡ ಅಳದಂಗಡಿ ಪ್ರಾಥಮಿಕ ಕೃಷಿ ಪತ್ತಿನ ಸಹಕಾರಿ ಸಂಘವು ಇಂದು ಬೃಹತ್ ಸಂಸ್ಥೆಯಾಗಿ ಬೆಳೆದಿದೆ. ಸಂಘವು ವರದಿ ವರ್ಷದಲ್ಲಿ ರೂ.461 ಕೋಟಿ ವ್ಯವಹಾರ ನಡೆಸಿ ರೂ.1.86 ಕೋಟಿ ಲಾಭ ಗಳಿಸಿದೆ. ಸದಸ್ಯರಿಗೆ ಶೇ.14 ಲಾಭಾಂಶ ನೀಡಲು ನಿರ್ಧರಿಸಲಾಗಿದೆ. ಸಾಲ ವಸೂಲಾತಿಯಲ್ಲಿ ಶೇ.99.17 ಸಾಧನೆ ಮಾಡಲಾಗಿದೆ. ಸನ್ಮಾನ, ಗೌರವಾರ್ಪಣೆ: ಸಂಘದ ಹಿರಿಯ ಸದಸ್ಯರನ್ನು, ಉತ್ತಮ ಕೃಷಿಕರನ್ನು ಹಾಗೂ ಪ್ರತಿಭಾನ್ವಿತ ವಿದ್ಯಾರ್ಥಿಗಳನ್ನು ಗೌರವಿಸಲಾಯಿತು. ಸಮಾಜಮುಖಿ ಕಾರ್ಯ: ಸಹಕಾರ ಸಂಘವು ಸದಸ್ಯರಿಗೆ ಆರ್ಥಿಕ ನೆರವಿನ ಜೊತೆಗೆ ಸಮಾಜಮುಖಿ ಕಾರ್ಯಗಳನ್ನು ಮಾಡುತ್ತಿದೆ. ಆರೋಗ್ಯ ಶಿಬಿರ, ವಿದ್ಯಾರ್ಥಿ ವೇತನ ಮೊದಲಾದ ಕಾರ್ಯಕ್ರಮಗಳನ್ನು ಹಮ್ಮಿಕೊಳ್ಳಲಾಗಿದೆ. ಸಭೆಯಲ್ಲಿ ಅಧ್ಯಕ್ಷರು, ಉಪಾಧ್ಯಕ್ಷರು, ನಿರ್ದೇಶಕರು ಹಾಗೂ ಸಿಬ್ಬಂದಿ ವರ್ಗ ಉಪಸ್ಥಿತರಿದ್ದರು. ಮುಖ್ಯ ಕಾರ್ಯನಿರ್ವಹಣಾಧಿಕಾರಿ ವರದಿ ವಾಚಿಸಿದರು.
ಬೆಳ್ತಂಗಡಿ: 49 ವರ್ಷಗಳ ಹಿಂದೆ ಪ್ರಾರಂಭಗೊಂಡ ಅಳದಂಗಡಿ ಪ್ರಾಥಮಿಕ ಕೃಷಿ ಪತ್ತಿನ ಸಹಕಾರಿ ಸಂಘವು ಇಂದು ಬೃಹತ್ ಸಂಸ್ಥೆಯಾಗಿ ಬೆಳೆದಿದೆ. ಸಂಘವು ವರದಿ ವರ್ಷದಲ್ಲಿ ರೂ.461 ಕೋಟಿ ವ್ಯವಹಾರ ನಡೆಸಿ ರೂ.1.86 ಕೋಟಿ ಲಾಭ ಗಳಿಸಿದೆ. ಸದಸ್ಯರಿಗೆ ಶೇ.14 ಲಾಭಾಂಶ ನೀಡಲು ನಿರ್ಧರಿಸಲಾಗಿದೆ. ಸಾಲ ವಸೂಲಾತಿಯಲ್ಲಿ ಶೇ.99.17 ಸಾಧನೆ ಮಾಡಲಾಗಿದೆ. ಸನ್ಮಾನ, ಗೌರವಾರ್ಪಣೆ: ಸಂಘದ ಹಿರಿಯ ಸದಸ್ಯರನ್ನು, ಉತ್ತಮ ಕೃಷಿಕರನ್ನು ಹಾಗೂ ಪ್ರತಿಭಾನ್ವಿತ ವಿದ್ಯಾರ್ಥಿಗಳನ್ನು ಗೌರವಿಸಲಾಯಿತು. ಸಮಾಜಮುಖಿ ಕಾರ್ಯ: ಸಹಕಾರ ಸಂಘವು ಸದಸ್ಯರಿಗೆ ಆರ್ಥಿಕ ನೆರವಿನ ಜೊತೆಗೆ ಸಮಾಜಮುಖಿ ಕಾರ್ಯಗಳನ್ನು ಮಾಡುತ್ತಿದೆ. ಆರೋಗ್ಯ ಶಿಬಿರ, ವಿದ್ಯಾರ್ಥಿ ವೇತನ ಮೊದಲಾದ ಕಾರ್ಯಕ್ರಮಗಳನ್ನು ಹಮ್ಮಿಕೊಳ್ಳಲಾಗಿದೆ. ಸಭೆಯಲ್ಲಿ ಅಧ್ಯಕ್ಷರು, ಉಪಾಧ್ಯಕ್ಷರು, ನಿರ್ದೇಶಕರು ಹಾಗೂ ಸಿಬ್ಬಂದಿ ವರ್ಗ ಉಪಸ್ಥಿತರಿದ್ದರು. ಮುಖ್ಯ ಕಾರ್ಯನಿರ್ವಹಣಾಧಿಕಾರಿ ವರದಿ ವಾಚಿಸಿದರು.
ಸುವರ್ಣ ಸಂಭ್ರಮದಲ್ಲಿ
ಸಂಘವು ಸುವರ್ಣ ಮಹೋತ್ಸವದ ಸಂಭ್ರಮದಲ್ಲಿದ್ದು, ಮುಂದಿನ ವರ್ಷ ಅದ್ದೂರಿಯಾಗಿ ಕಾರ್ಯಕ್ರಮ ಆಯೋಜಿಸಲು ಸಿದ್ಧತೆ ನಡೆಸಲಾಗುತ್ತಿದೆ. ಸದಸ್ಯರ ಸಹಕಾರದೊಂದಿಗೆ ಸುವರ್ಣ ಸಂಭ್ರಮವನ್ನು ಯಶಸ್ವಿಯಾಗಿ ಆಚರಿಸಲಾಗುವುದು.
ರಾಜ್ಯ ಹಣಕಾಸು ಶ್ರೀ ಸದಸ್ಯರಿಂದ ಲಾಭಾಂಶ ವಿತರಣೆ
